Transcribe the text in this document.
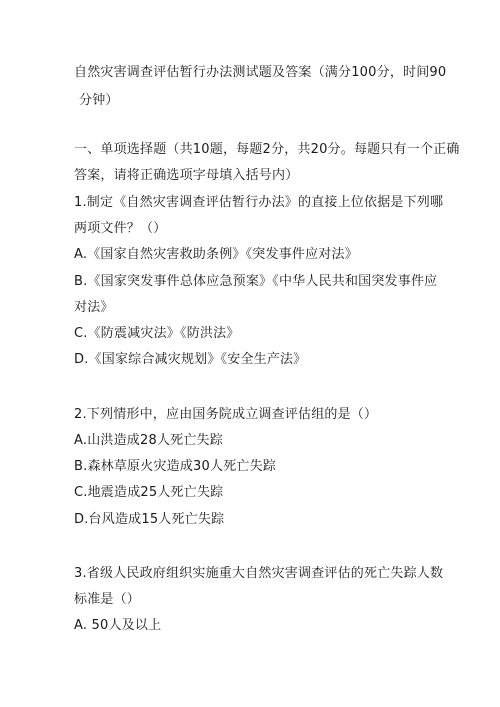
自然灾害调查评估暂行办法测试题及答案（满分100分，时间90
分钟）
一、单项选择题（共10题，每题2分，共20分。每题只有一个正确
答案，请将正确选项字母填入括号内）
1.制定《自然灾害调查评估暂行办法》的直接上位依据是下列哪
两项文件？（）
A.《国家自然灾害救助条例》《突发事件应对法》
B.《国家突发事件总体应急预案》《中华人民共和国突发事件应
对法》
C.《防震减灾法》《防洪法》
D.《国家综合减灾规划》《安全生产法》
2.下列情形中，应由国务院成立调查评估组的是（）
A.山洪造成28人死亡失踪
B.森林草原火灾造成30人死亡失踪
C.地震造成25人死亡失踪
D.台风造成15人死亡失踪
3.省级人民政府组织实施重大自然灾害调查评估的死亡失踪人数
标准是（）
A. 50人及以上
